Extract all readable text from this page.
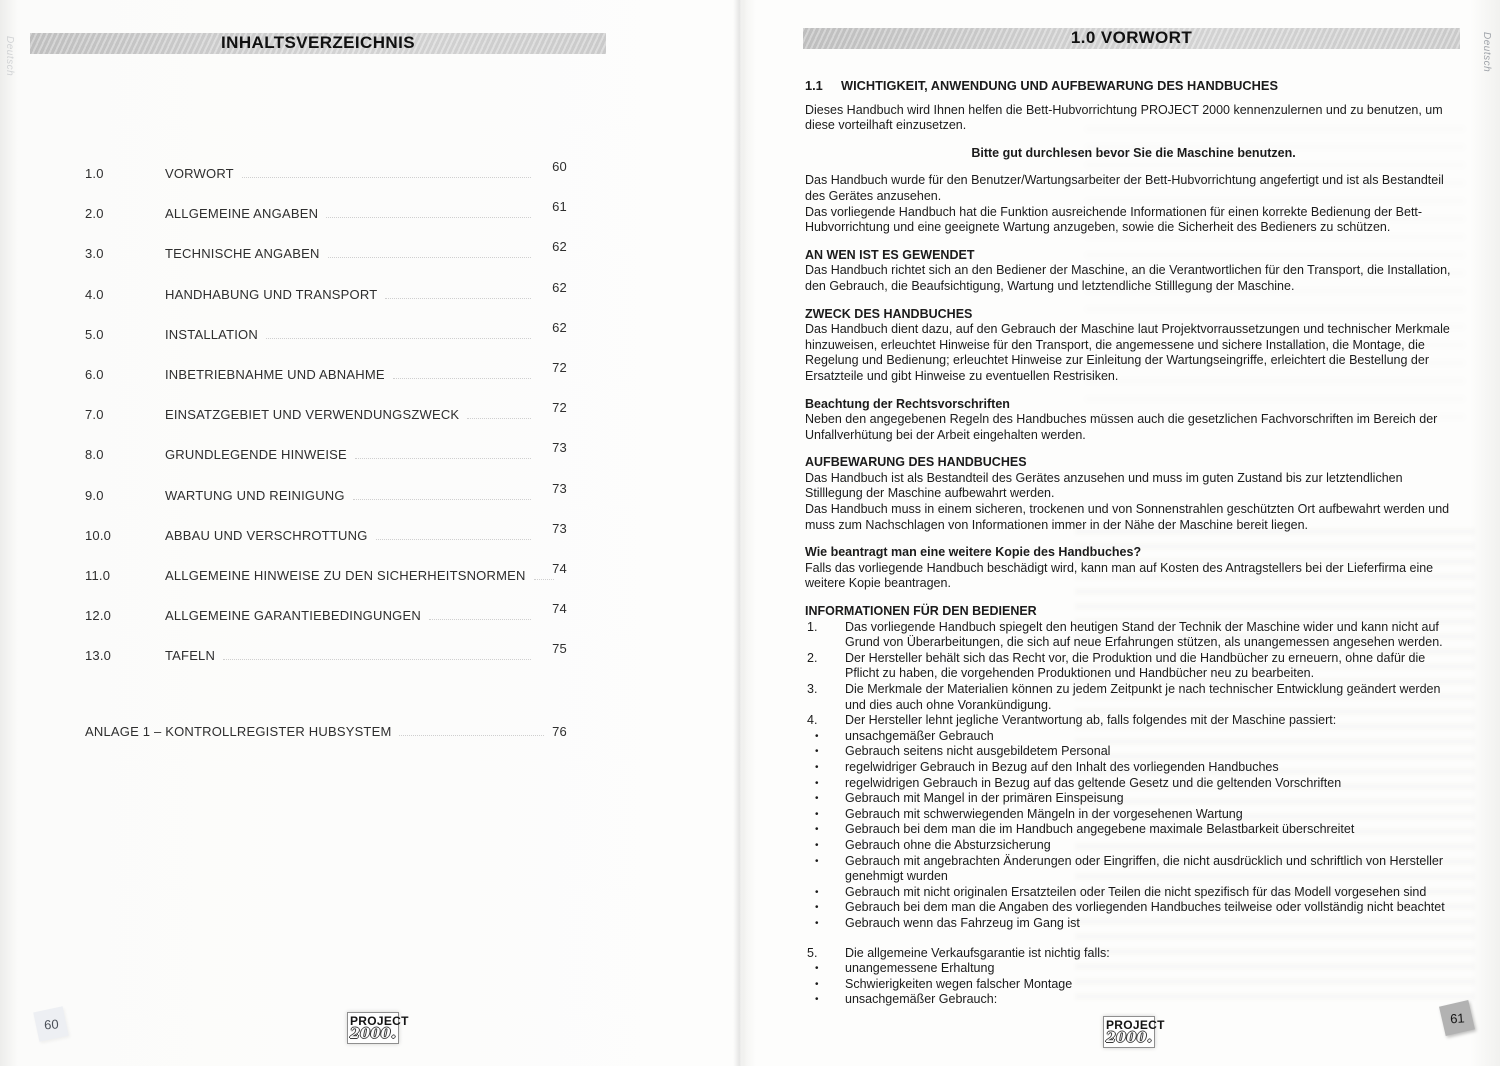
Deutsch	INHALTSVERZEICHNIS
1.0	VORWORT	60
2.0	ALLGEMEINE ANGABEN	61
3.0	TECHNISCHE ANGABEN	62
4.0	HANDHABUNG UND TRANSPORT	62
5.0	INSTALLATION	62
6.0	INBETRIEBNAHME UND ABNAHME	72
7.0	EINSATZGEBIET UND VERWENDUNGSZWECK	72
8.0	GRUNDLEGENDE HINWEISE	73
9.0	WARTUNG UND REINIGUNG	73
10.0	ABBAU UND VERSCHROTTUNG	73
11.0	ALLGEMEINE HINWEISE ZU DEN SICHERHEITSNORMEN	74
12.0	ALLGEMEINE GARANTIEBEDINGUNGEN	74
13.0	TAFELN	75
ANLAGE 1 – KONTROLLREGISTER HUBSYSTEM	76
60	PROJECT
2000.
Deutsch
1.0 VORWORT
1.1	WICHTIGKEIT, ANWENDUNG UND AUFBEWARUNG DES HANDBUCHES
Dieses Handbuch wird Ihnen helfen die Bett-Hubvorrichtung PROJECT 2000 kennenzulernen und zu benutzen, um diese vorteilhaft einzusetzen.
Bitte gut durchlesen bevor Sie die Maschine benutzen.
Das Handbuch wurde für den Benutzer/Wartungsarbeiter der Bett-Hubvorrichtung angefertigt und ist als Bestandteil des Gerätes anzusehen.
Das vorliegende Handbuch hat die Funktion ausreichende Informationen für einen korrekte Bedienung der Bett-Hubvorrichtung und eine geeignete Wartung anzugeben, sowie die Sicherheit des Bedieners zu schützen.
AN WEN IST ES GEWENDET
Das Handbuch richtet sich an den Bediener der Maschine, an die Verantwortlichen für den Transport, die Installation, den Gebrauch, die Beaufsichtigung, Wartung und letztendliche Stilllegung der Maschine.
ZWECK DES HANDBUCHES
Das Handbuch dient dazu, auf den Gebrauch der Maschine laut Projektvorraussetzungen und technischer Merkmale hinzuweisen, erleuchtet Hinweise für den Transport, die angemessene und sichere Installation, die Montage, die Regelung und Bedienung; erleuchtet Hinweise zur Einleitung der Wartungseingriffe, erleichtert die Bestellung der Ersatzteile und gibt Hinweise zu eventuellen Restrisiken.
Beachtung der Rechtsvorschriften
Neben den angegebenen Regeln des Handbuches müssen auch die gesetzlichen Fachvorschriften im Bereich der Unfallverhütung bei der Arbeit eingehalten werden.
AUFBEWARUNG DES HANDBUCHES
Das Handbuch ist als Bestandteil des Gerätes anzusehen und muss im guten Zustand bis zur letztendlichen Stilllegung der Maschine aufbewahrt werden.
Das Handbuch muss in einem sicheren, trockenen und von Sonnenstrahlen geschützten Ort aufbewahrt werden und muss zum Nachschlagen von Informationen immer in der Nähe der Maschine bereit liegen.
Wie beantragt man eine weitere Kopie des Handbuches?
Falls das vorliegende Handbuch beschädigt wird, kann man auf Kosten des Antragstellers bei der Lieferfirma eine weitere Kopie beantragen.
INFORMATIONEN FÜR DEN BEDIENER
1.	Das vorliegende Handbuch spiegelt den heutigen Stand der Technik der Maschine wider und kann nicht auf Grund von Überarbeitungen, die sich auf neue Erfahrungen stützen, als unangemessen angesehen werden.
2.	Der Hersteller behält sich das Recht vor, die Produktion und die Handbücher zu erneuern, ohne dafür die Pflicht zu haben, die vorgehenden Produktionen und Handbücher neu zu bearbeiten.
3.	Die Merkmale der Materialien können zu jedem Zeitpunkt je nach technischer Entwicklung geändert werden und dies auch ohne Vorankündigung.
4.	Der Hersteller lehnt jegliche Verantwortung ab, falls folgendes mit der Maschine passiert:
•	unsachgemäßer Gebrauch
•	Gebrauch seitens nicht ausgebildetem Personal
•	regelwidriger Gebrauch in Bezug auf den Inhalt des vorliegenden Handbuches
•	regelwidrigen Gebrauch in Bezug auf das geltende Gesetz und die geltenden Vorschriften
•	Gebrauch mit Mangel in der primären Einspeisung
•	Gebrauch mit schwerwiegenden Mängeln in der vorgesehenen Wartung
•	Gebrauch bei dem man die im Handbuch angegebene maximale Belastbarkeit überschreitet
•	Gebrauch ohne die Absturzsicherung
•	Gebrauch mit angebrachten Änderungen oder Eingriffen, die nicht ausdrücklich und schriftlich von Hersteller genehmigt wurden
•	Gebrauch mit nicht originalen Ersatzteilen oder Teilen die nicht spezifisch für das Modell vorgesehen sind
•	Gebrauch bei dem man die Angaben des vorliegenden Handbuches teilweise oder vollständig nicht beachtet
•	Gebrauch wenn das Fahrzeug im Gang ist
5.	Die allgemeine Verkaufsgarantie ist nichtig falls:
•	unangemessene Erhaltung
•	Schwierigkeiten wegen falscher Montage
•	unsachgemäßer Gebrauch:
PROJECT
2000.
61
